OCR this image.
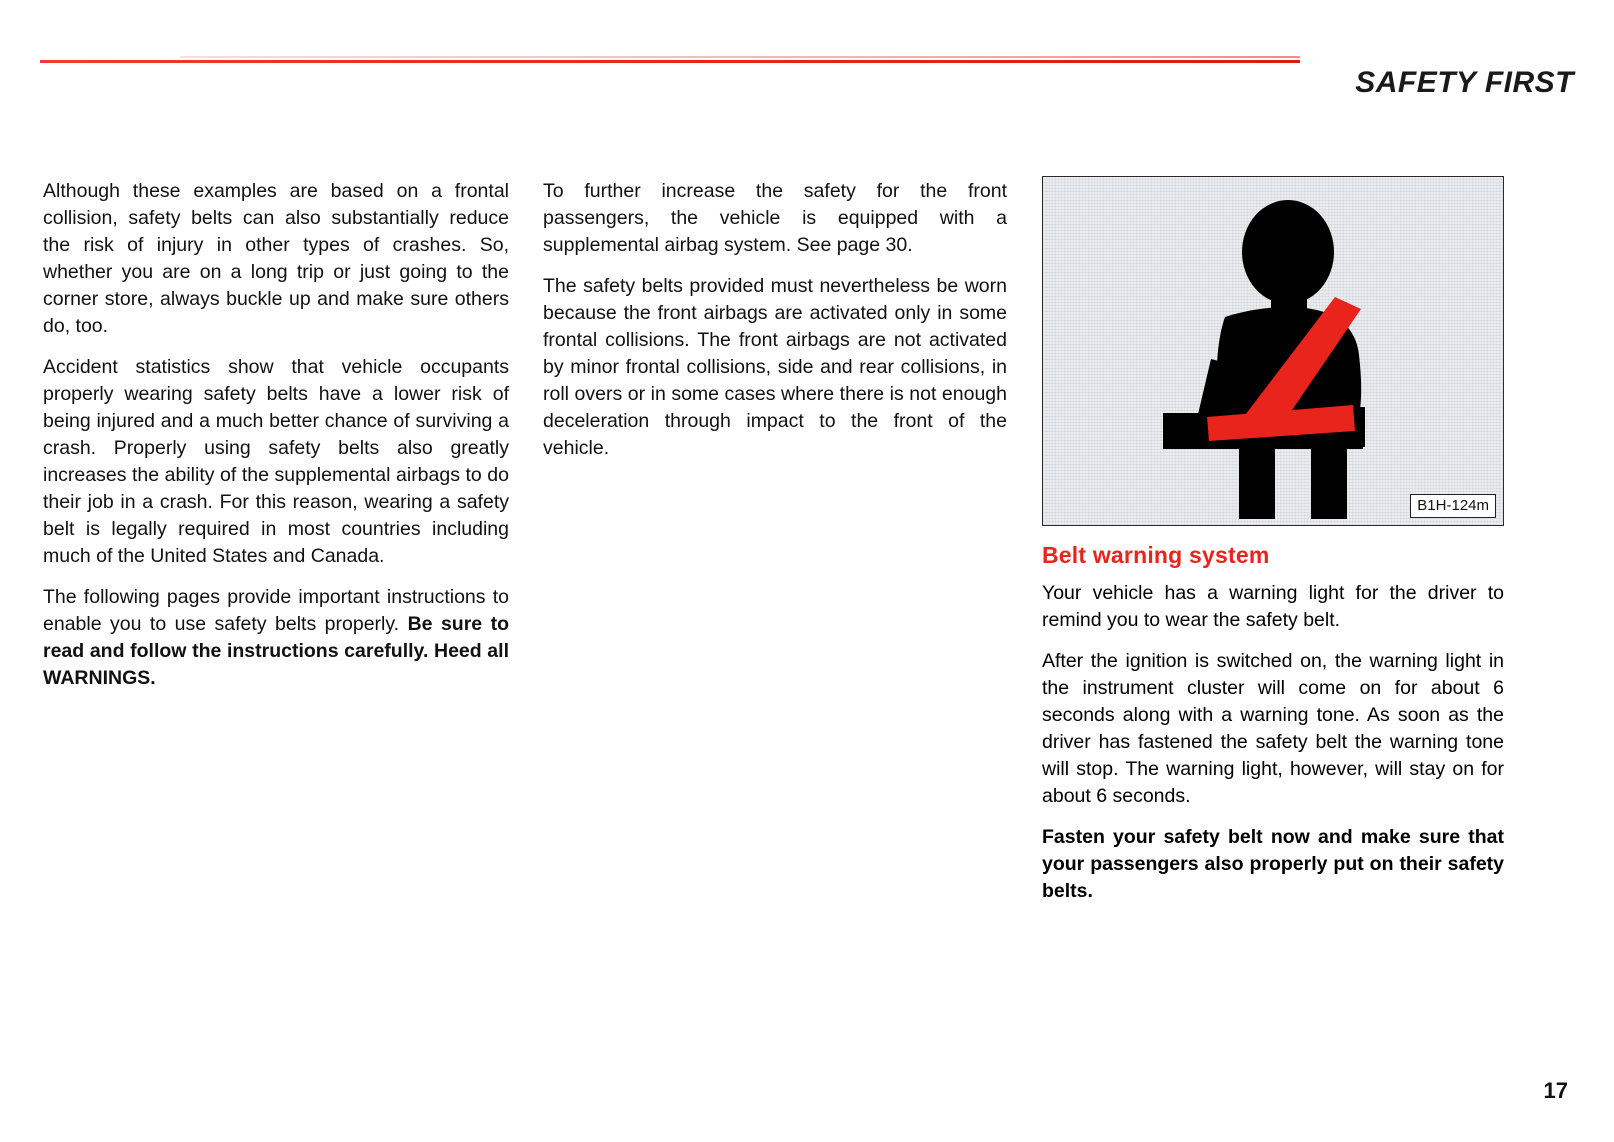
SAFETY FIRST

Although these examples are based on a frontal collision, safety belts can also substantially reduce the risk of injury in other types of crashes. So, whether you are on a long trip or just going to the corner store, always buckle up and make sure others do, too.

Accident statistics show that vehicle occupants properly wearing safety belts have a lower risk of being injured and a much better chance of surviving a crash. Properly using safety belts also greatly increases the ability of the supplemental airbags to do their job in a crash. For this reason, wearing a safety belt is legally required in most countries including much of the United States and Canada.

The following pages provide important instructions to enable you to use safety belts properly. Be sure to read and follow the instructions carefully. Heed all WARNINGS.

To further increase the safety for the front passengers, the vehicle is equipped with a supplemental airbag system. See page 30.

The safety belts provided must nevertheless be worn because the front airbags are activated only in some frontal collisions. The front airbags are not activated by minor frontal collisions, side and rear collisions, in roll overs or in some cases where there is not enough deceleration through impact to the front of the vehicle.

B1H-124m
Belt warning system

Your vehicle has a warning light for the driver to remind you to wear the safety belt.

After the ignition is switched on, the warning light in the instrument cluster will come on for about 6 seconds along with a warning tone. As soon as the driver has fastened the safety belt the warning tone will stop. The warning light, however, will stay on for about 6 seconds.

Fasten your safety belt now and make sure that your passengers also properly put on their safety belts.

17
